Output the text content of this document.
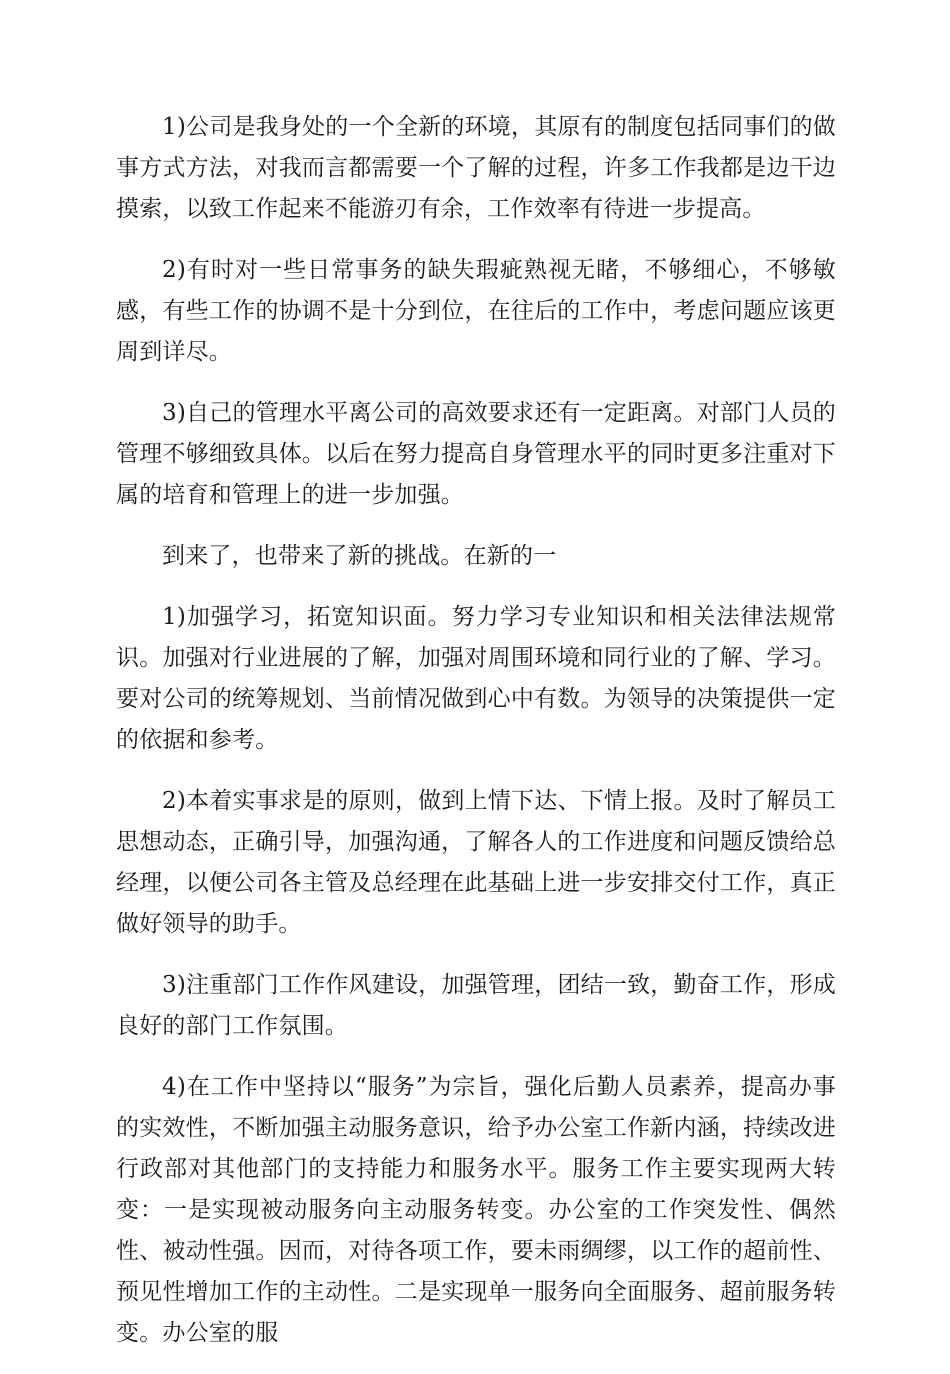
1)公司是我身处的一个全新的环境，其原有的制度包括同事们的做事方式方法，对我而言都需要一个了解的过程，许多工作我都是边干边摸索，以致工作起来不能游刃有余，工作效率有待进一步提高。

2)有时对一些日常事务的缺失瑕疵熟视无睹，不够细心，不够敏感，有些工作的协调不是十分到位，在往后的工作中，考虑问题应该更周到详尽。

3)自己的管理水平离公司的高效要求还有一定距离。对部门人员的管理不够细致具体。以后在努力提高自身管理水平的同时更多注重对下属的培育和管理上的进一步加强。

到来了，也带来了新的挑战。在新的一

1)加强学习，拓宽知识面。努力学习专业知识和相关法律法规常识。加强对行业进展的了解，加强对周围环境和同行业的了解、学习。要对公司的统筹规划、当前情况做到心中有数。为领导的决策提供一定的依据和参考。

2)本着实事求是的原则，做到上情下达、下情上报。及时了解员工思想动态，正确引导，加强沟通，了解各人的工作进度和问题反馈给总经理，以便公司各主管及总经理在此基础上进一步安排交付工作，真正做好领导的助手。

3)注重部门工作作风建设，加强管理，团结一致，勤奋工作，形成良好的部门工作氛围。

4)在工作中坚持以“服务”为宗旨，强化后勤人员素养，提高办事的实效性，不断加强主动服务意识，给予办公室工作新内涵，持续改进行政部对其他部门的支持能力和服务水平。服务工作主要实现两大转变：一是实现被动服务向主动服务转变。办公室的工作突发性、偶然性、被动性强。因而，对待各项工作，要未雨绸缪，以工作的超前性、预见性增加工作的主动性。二是实现单一服务向全面服务、超前服务转变。办公室的服
